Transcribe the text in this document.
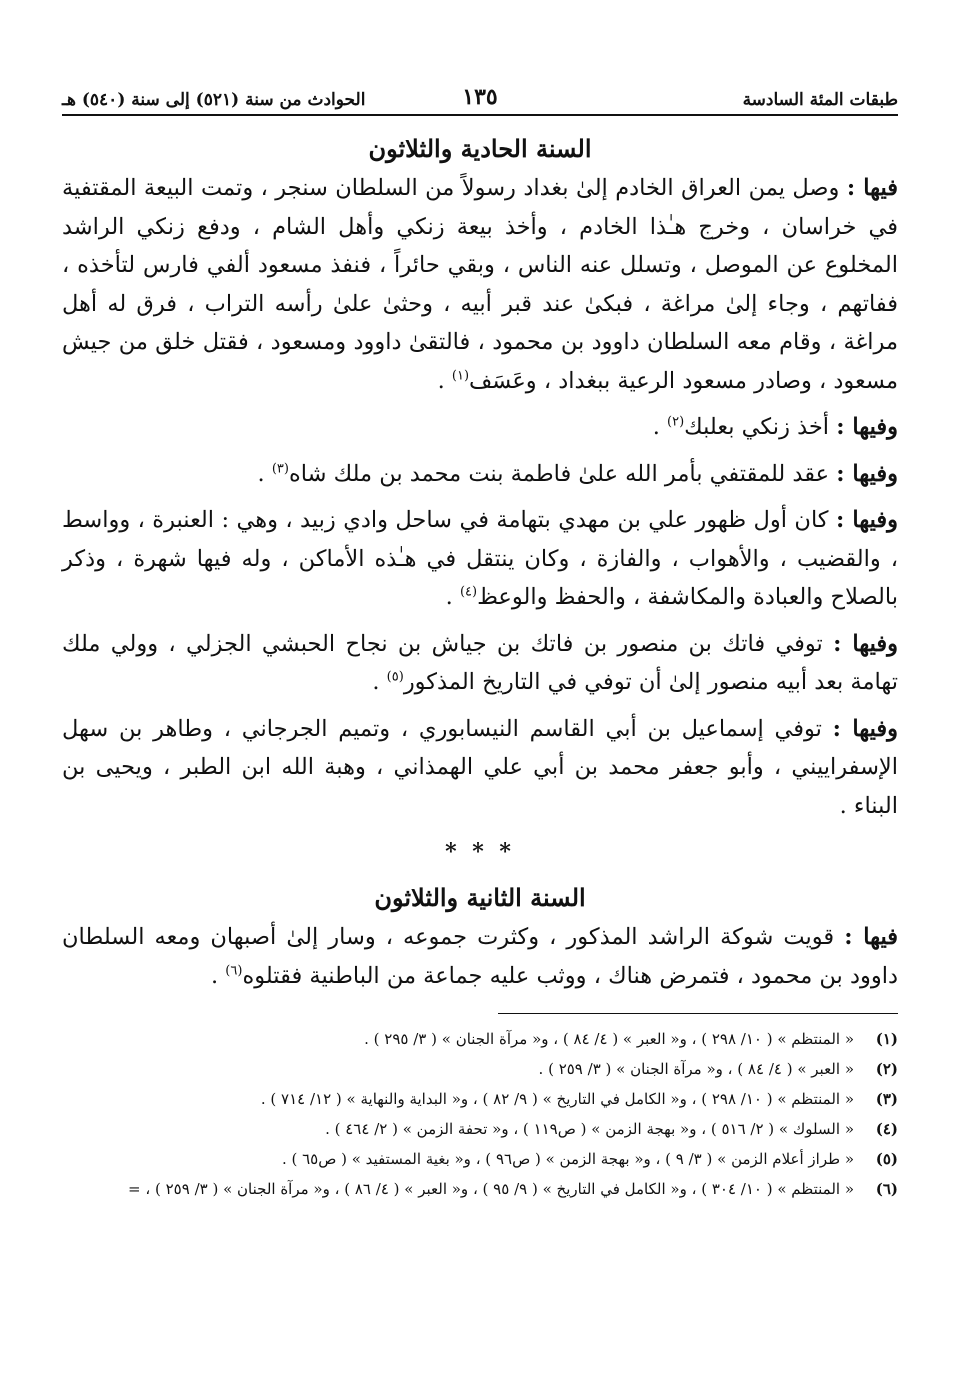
طبقات المئة السادسة
١٣٥
الحوادث من سنة (٥٢١) إلى سنة (٥٤٠) هـ
السنة الحادية والثلاثون

فيها : وصل يمن العراق الخادم إلىٰ بغداد رسولاً من السلطان سنجر ، وتمت البيعة المقتفية في خراسان ، وخرج هـٰذا الخادم ، وأخذ بيعة زنكي وأهل الشام ، ودفع زنكي الراشد المخلوع عن الموصل ، وتسلل عنه الناس ، وبقي حائراً ، فنفذ مسعود ألفي فارس لتأخذه ، ففاتهم ، وجاء إلىٰ مراغة ، فبكىٰ عند قبر أبيه ، وحثىٰ علىٰ رأسه التراب ، فرق له أهل مراغة ، وقام معه السلطان داوود بن محمود ، فالتقىٰ داوود ومسعود ، فقتل خلق من جيش مسعود ، وصادر مسعود الرعية ببغداد ، وعَسَف$^{(١)}$ .

وفيها : أخذ زنكي بعلبك$^{(٢)}$ .

وفيها : عقد للمقتفي بأمر الله علىٰ فاطمة بنت محمد بن ملك شاه$^{(٣)}$ .

وفيها : كان أول ظهور علي بن مهدي بتهامة في ساحل وادي زبيد ، وهي : العنبرة ، وواسط ، والقضيب ، والأهواب ، والفازة ، وكان ينتقل في هـٰذه الأماكن ، وله فيها شهرة ، وذكر بالصلاح والعبادة والمكاشفة ، والحفظ والوعظ$^{(٤)}$ .

وفيها : توفي فاتك بن منصور بن فاتك بن جياش بن نجاح الحبشي الجزلي ، وولي ملك تهامة بعد أبيه منصور إلىٰ أن توفي في التاريخ المذكور$^{(٥)}$ .

وفيها : توفي إسماعيل بن أبي القاسم النيسابوري ، وتميم الجرجاني ، وطاهر بن سهل الإسفراييني ، وأبو جعفر محمد بن أبي علي الهمذاني ، وهبة الله ابن الطبر ، ويحيى بن البناء .

* * *
السنة الثانية والثلاثون

فيها : قويت شوكة الراشد المذكور ، وكثرت جموعه ، وسار إلىٰ أصبهان ومعه السلطان داوود بن محمود ، فتمرض هناك ، ووثب عليه جماعة من الباطنية فقتلوه$^{(٦)}$ .

(١)
« المنتظم » ( ١٠/ ٢٩٨ ) ، و« العبر » ( ٤/ ٨٤ ) ، و« مرآة الجنان » ( ٣/ ٢٩٥ ) .
(٢)
« العبر » ( ٤/ ٨٤ ) ، و« مرآة الجنان » ( ٣/ ٢٥٩ ) .
(٣)
« المنتظم » ( ١٠/ ٢٩٨ ) ، و« الكامل في التاريخ » ( ٩/ ٨٢ ) ، و« البداية والنهاية » ( ١٢/ ٧١٤ ) .
(٤)
« السلوك » ( ٢/ ٥١٦ ) ، و« بهجة الزمن » ( ص١١٩ ) ، و« تحفة الزمن » ( ٢/ ٤٦٤ ) .
(٥)
« طراز أعلام الزمن » ( ٣/ ٩ ) ، و« بهجة الزمن » ( ص٩٦ ) ، و« بغية المستفيد » ( ص٦٥ ) .
(٦)
« المنتظم » ( ١٠/ ٣٠٤ ) ، و« الكامل في التاريخ » ( ٩/ ٩٥ ) ، و« العبر » ( ٤/ ٨٦ ) ، و« مرآة الجنان » ( ٣/ ٢٥٩ ) ، =
